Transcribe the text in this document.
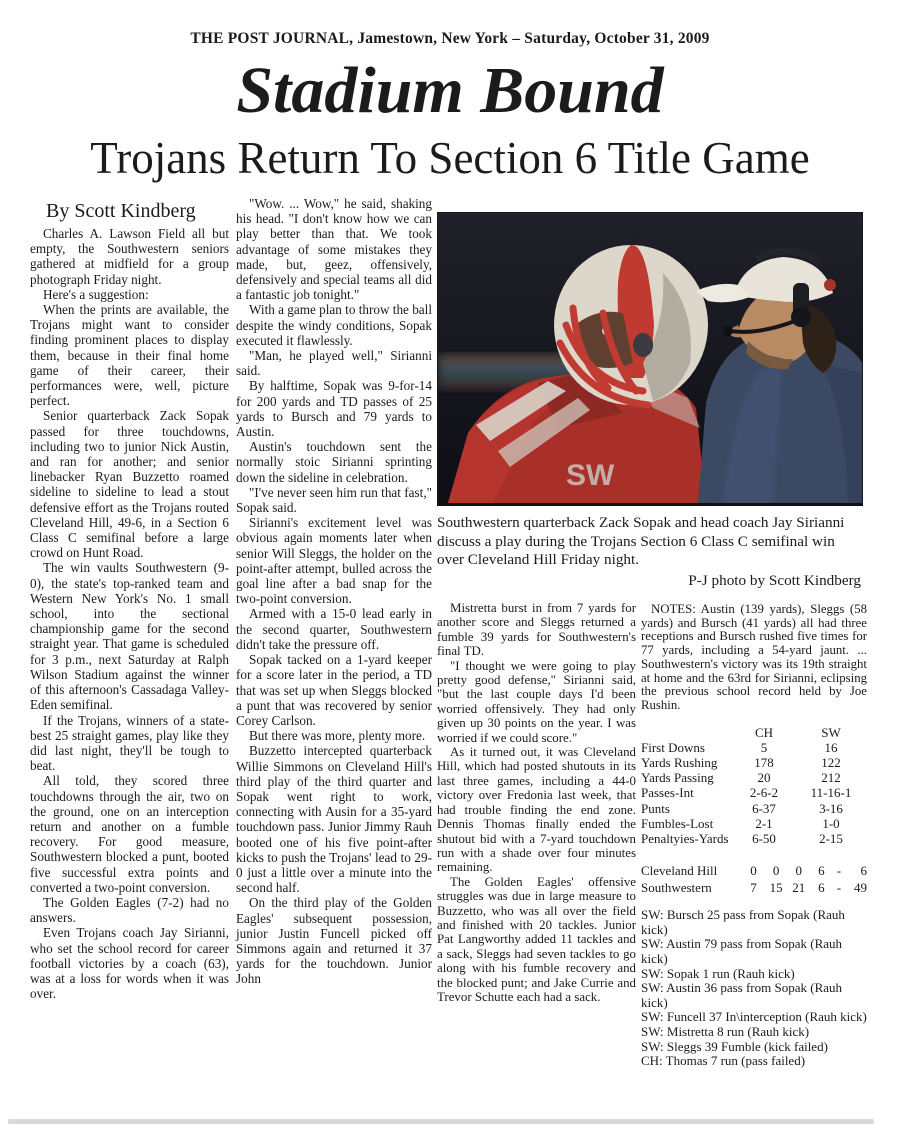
THE POST JOURNAL, Jamestown, New York – Saturday, October 31, 2009
Stadium Bound
Trojans Return To Section 6 Title Game
By Scott Kindberg

Charles A. Lawson Field all but empty, the Southwestern seniors gathered at midfield for a group photograph Friday night.

Here's a suggestion:

When the prints are available, the Trojans might want to consider finding prominent places to display them, because in their final home game of their career, their performances were, well, picture perfect.

Senior quarterback Zack Sopak passed for three touchdowns, including two to junior Nick Austin, and ran for another; and senior linebacker Ryan Buzzetto roamed sideline to sideline to lead a stout defensive effort as the Trojans routed Cleveland Hill, 49-6, in a Section 6 Class C semifinal before a large crowd on Hunt Road.

The win vaults Southwestern (9-0), the state's top-ranked team and Western New York's No. 1 small school, into the sectional championship game for the second straight year. That game is scheduled for 3 p.m., next Saturday at Ralph Wilson Stadium against the winner of this afternoon's Cassadaga Valley-Eden semifinal.

If the Trojans, winners of a state-best 25 straight games, play like they did last night, they'll be tough to beat.

All told, they scored three touchdowns through the air, two on the ground, one on an interception return and another on a fumble recovery. For good measure, Southwestern blocked a punt, booted five successful extra points and converted a two-point conversion.

The Golden Eagles (7-2) had no answers.

Even Trojans coach Jay Sirianni, who set the school record for career football victories by a coach (63), was at a loss for words when it was over.

"Wow. ... Wow," he said, shaking his head. "I don't know how we can play better than that. We took advantage of some mistakes they made, but, geez, offensively, defensively and special teams all did a fantastic job tonight."

With a game plan to throw the ball despite the windy conditions, Sopak executed it flawlessly.

"Man, he played well," Sirianni said.

By halftime, Sopak was 9-for-14 for 200 yards and TD passes of 25 yards to Bursch and 79 yards to Austin.

Austin's touchdown sent the normally stoic Sirianni sprinting down the sideline in celebration.

"I've never seen him run that fast," Sopak said.

Sirianni's excitement level was obvious again moments later when senior Will Sleggs, the holder on the point-after attempt, bulled across the goal line after a bad snap for the two-point conversion.

Armed with a 15-0 lead early in the second quarter, Southwestern didn't take the pressure off.

Sopak tacked on a 1-yard keeper for a score later in the period, a TD that was set up when Sleggs blocked a punt that was recovered by senior Corey Carlson.

But there was more, plenty more.

Buzzetto intercepted quarterback Willie Simmons on Cleveland Hill's third play of the third quarter and Sopak went right to work, connecting with Ausin for a 35-yard touchdown pass. Junior Jimmy Rauh booted one of his five point-after kicks to push the Trojans' lead to 29-0 just a little over a minute into the second half.

On the third play of the Golden Eagles' subsequent possession, junior Justin Funcell picked off Simmons again and returned it 37 yards for the touchdown. Junior John

SW
Southwestern quarterback Zack Sopak and head coach Jay Sirianni discuss a play during the Trojans Section 6 Class C semifinal win over Cleveland Hill Friday night.
P-J photo by Scott Kindberg

Mistretta burst in from 7 yards for another score and Sleggs returned a fumble 39 yards for Southwestern's final TD.

"I thought we were going to play pretty good defense," Sirianni said, "but the last couple days I'd been worried offensively. They had only given up 30 points on the year. I was worried if we could score."

As it turned out, it was Cleveland Hill, which had posted shutouts in its last three games, including a 44-0 victory over Fredonia last week, that had trouble finding the end zone. Dennis Thomas finally ended the shutout bid with a 7-yard touchdown run with a shade over four minutes remaining.

The Golden Eagles' offensive struggles was due in large measure to Buzzetto, who was all over the field and finished with 20 tackles. Junior Pat Langworthy added 11 tackles and a sack, Sleggs had seven tackles to go along with his fumble recovery and the blocked punt; and Jake Currie and Trevor Schutte each had a sack.

NOTES: Austin (139 yards), Sleggs (58 yards) and Bursch (41 yards) all had three receptions and Bursch rushed five times for 77 yards, including a 54-yard jaunt. ... Southwestern's victory was its 19th straight at home and the 63rd for Sirianni, eclipsing the previous school record held by Joe Rushin.

	CH	SW
First Downs	5	16
Yards Rushing	178	122
Yards Passing	20	212
Passes-Int	2-6-2	11-16-1
Punts	6-37	3-16
Fumbles-Lost	2-1	1-0
Penaltyies-Yards	6-50	2-15
Cleveland Hill	0	0	0	6 -	6
Southwestern	7 15 21 6 - 49

SW: Bursch 25 pass from Sopak (Rauh kick)

SW: Austin 79 pass from Sopak (Rauh kick)

SW: Sopak 1 run (Rauh kick)

SW: Austin 36 pass from Sopak (Rauh kick)

SW: Funcell 37 In\interception (Rauh kick)

SW: Mistretta 8 run (Rauh kick)

SW: Sleggs 39 Fumble (kick failed)

CH: Thomas 7 run (pass failed)
